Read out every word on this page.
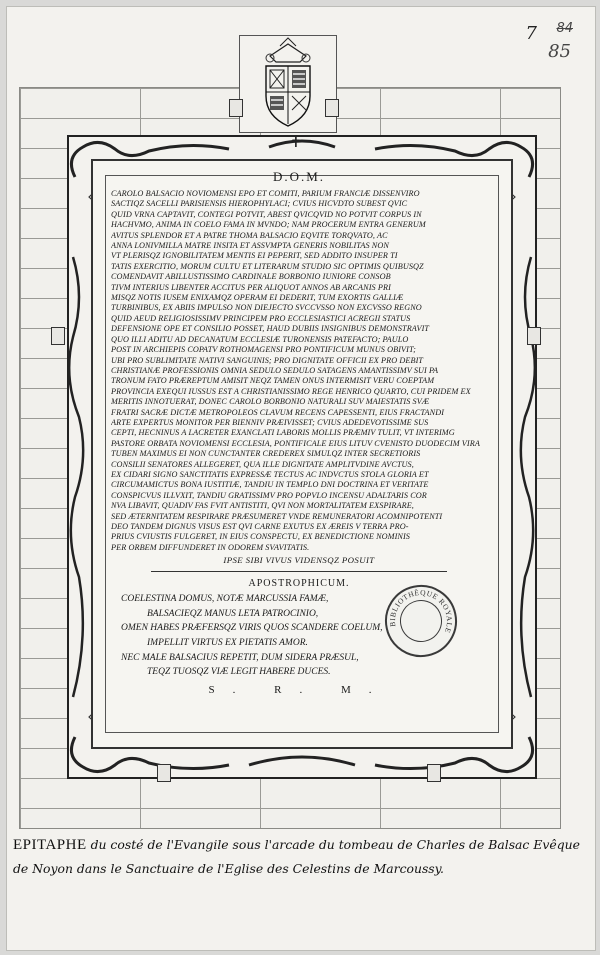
7 84
85
✝
D.O.M.
CAROLO BALSACIO NOVIOMENSI EPO ET COMITI, PARIUM FRANCIÆ DISSENVIRO
SACTIQZ SACELLI PARISIENSIS HIEROPHYLACI; CVIUS HICVDTO SUBEST QVIC
QUID VRNA CAPTAVIT, CONTEGI POTVIT, ABEST QVICQVID NO POTVIT CORPUS IN
HACHVMO, ANIMA IN COELO FAMA IN MVNDO; NAM PROCERUM ENTRA GENERUM
AVITUS SPLENDOR ET A PATRE THOMA BALSACIO EQVITE TORQVATO, AC
ANNA LONIVMILLA MATRE INSITA ET ASSVMPTA GENERIS NOBILITAS NON
VT PLERISQZ IGNOBILITATEM MENTIS EI PEPERIT, SED ADDITO INSUPER TI
TATIS EXERCITIO, MORUM CULTU ET LITERARUM STUDIO SIC OPTIMIS QUIBUSQZ
COMENDAVIT ABILLUSTISSIMO CARDINALE BORBONIO IUNIORE CONSOB
TIVM INTERIUS LIBENTER ACCITUS PER ALIQUOT ANNOS AB ARCANIS PRI
MISQZ NOTIS IUSEM ENIXAMQZ OPERAM EI DEDERIT, TUM EXORTIS GALLIÆ
TURBINIBUS, EX ABIIS IMPULSO NON DIEJECTO SVCCVSSO NON EXCVSSO REGNO
QUID AEUD RELIGIOSISSIMV PRINCIPEM PRO ECCLESIASTICI ACREGII STATUS
DEFENSIONE OPE ET CONSILIO POSSET, HAUD DUBIIS INSIGNIBUS DEMONSTRAVIT
QUO ILLI ADITU AD DECANATUM ECCLESIÆ TURONENSIS PATEFACTO; PAULO
POST IN ARCHIEPIS COPATV ROTHOMAGENSI PRO PONTIFICUM MUNUS OBIVIT;
UBI PRO SUBLIMITATE NATIVI SANGUINIS; PRO DIGNITATE OFFICII EX PRO DEBIT
CHRISTIANÆ PROFESSIONIS OMNIA SEDULO SEDULO SATAGENS AMANTISSIMV SUI PA
TRONUM FATO PRÆREPTUM AMISIT NEQZ TAMEN ONUS INTERMISIT VERU COEPTAM
PROVINCIA EXEQUI IUSSUS EST A CHRISTIANISSIMO REGE HENRICO QUARTO, CUI PRIDEM EX
MERITIS INNOTUERAT, DONEC CAROLO BORBONIO NATURALI SUV MAIESTATIS SVÆ
FRATRI SACRÆ DICTÆ METROPOLEOS CLAVUM RECENS CAPESSENTI, EIUS FRACTANDI
ARTE EXPERTUS MONITOR PER BIENNIV PRÆIVISSET; CVIUS ADEDEVOTISSIME SUS
CEPTI, HECNINUS A LACRETER EXANCLATI LABORIS MOLLIS PRÆMIV TULIT, VT INTERIMG
PASTORE ORBATA NOVIOMENSI ECCLESIA, PONTIFICALE EIUS LITUV CVENISTO DUODECIM VIRA
TUBEN MAXIMUS EI NON CUNCTANTER CREDEREX SIMULQZ INTER SECRETIORIS
CONSILII SENATORES ALLEGERET, QUA ILLE DIGNITATE AMPLITVDINE AVCTUS,
EX CIDARI SIGNO SANCTITATIS EXPRESSÆ TECTUS AC INDVCTUS STOLA GLORIA ET
CIRCUMAMICTUS BONA IUSTITIÆ, TANDIU IN TEMPLO DNI DOCTRINA ET VERITATE
CONSPICVUS ILLVXIT, TANDIU GRATISSIMV PRO POPVLO INCENSU ADALTARIS COR
NVA LIBAVIT, QUADIV FAS FVIT ANTISTITI, QVI NON MORTALITATEM EXSPIRARE,
SED ÆTERNITATEM RESPIRARE PRÆSUMERET VNDE REMUNERATORI ACOMNIPOTENTI
DEO TANDEM DIGNUS VISUS EST QVI CARNE EXUTUS EX ÆREIS V TERRA PRO-
PRIUS CVIUSTIS FULGERET, IN EIUS CONSPECTU, EX BENEDICTIONE NOMINIS
PER ORBEM DIFFUNDERET IN ODOREM SVAVITATIS.
IPSE SIBI VIVUS VIDENSQZ POSUIT
APOSTROPHICUM.
COELESTINA DOMUS, NOTÆ MARCUSSIA FAMÆ,
BALSACIEQZ MANUS LETA PATROCINIO,
OMEN HABES PRÆFERSQZ VIRIS QUOS SCANDERE COELUM,
IMPELLIT VIRTUS EX PIETATIS AMOR.
NEC MALE BALSACIUS REPETIT, DUM SIDERA PRÆSUL,
TEQZ TUOSQZ VIÆ LEGIT HABERE DUCES.
S. R. M.
BIBLIOTHÈQUE ROYALE
EPITAPHE du costé de l'Evangile sous l'arcade du tombeau de Charles de Balsac Evêque
de Noyon dans le Sanctuaire de l'Eglise des Celestins de Marcoussy.
